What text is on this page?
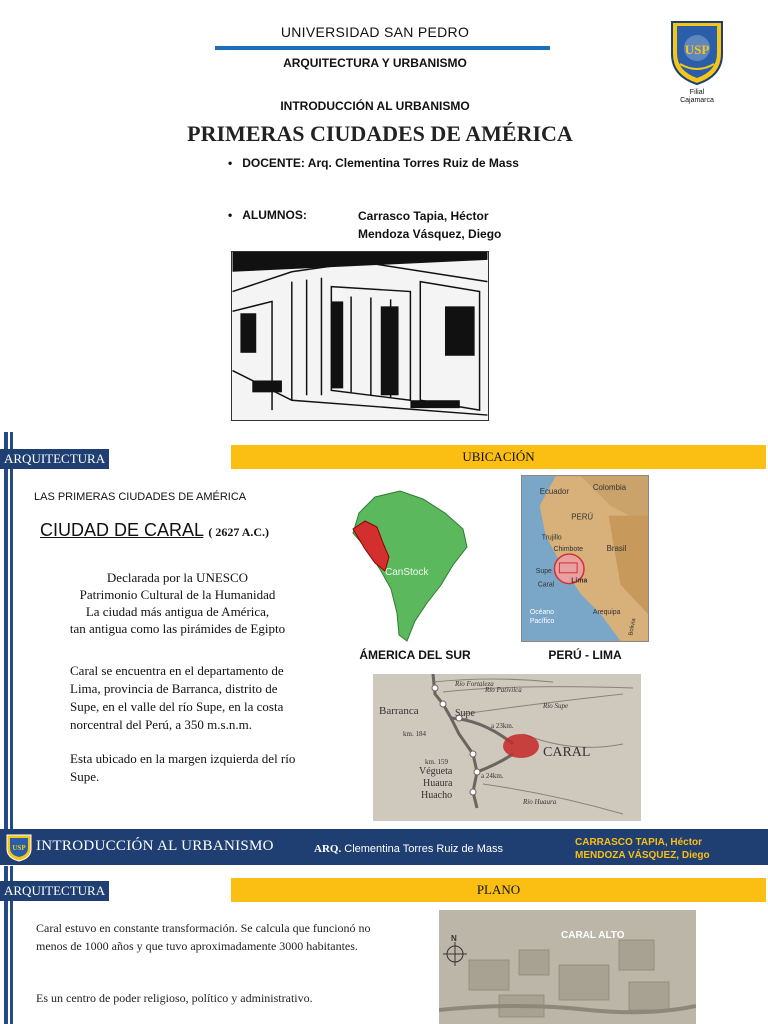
UNIVERSIDAD SAN PEDRO
ARQUITECTURA Y URBANISMO
INTRODUCCIÓN AL URBANISMO
PRIMERAS CIUDADES DE AMÉRICA
• DOCENTE: Arq. Clementina Torres Ruiz de Mass
• ALUMNOS:	Carrasco Tapia, Héctor
Mendoza Vásquez, Diego
USP
Filial
Cajamarca
ARQUITECTURA	UBICACIÓN
LAS PRIMERAS CIUDADES DE AMÉRICA
CIUDAD DE CARAL ( 2627 A.C.)
Declarada por la UNESCO
Patrimonio Cultural de la Humanidad
La ciudad más antigua de América,
tan antigua como las pirámides de Egipto
Caral se encuentra en el departamento de Lima, provincia de Barranca, distrito de Supe, en el valle del río Supe, en la costa norcentral del Perú, a 350 m.s.n.m.
Esta ubicado en la margen izquierda del río Supe.
CanStock
Ecuador	Colombia
PERÚ
Brasil
Trujillo
Chimbote
Supe
Caral
Lima
Océano
Pacífico
Arequipa
Bolivia
ÁMERICA DEL SUR	PERÚ - LIMA
Río Fortaleza
Río Pativilca
Río Supe
Barranca	Supe
km. 184
a 23km.
CARAL
km. 159
Végueta
Huaura
Huacho
a 24km.
Río Huaura
USP INTRODUCCIÓN AL URBANISMO	ARQ. Clementina Torres Ruiz de Mass
CARRASCO TAPIA, Héctor
MENDOZA VÁSQUEZ, Diego
ARQUITECTURA	PLANO
Caral estuvo en constante transformación. Se calcula que funcionó no menos de 1000 años y que tuvo aproximadamente 3000 habitantes.
Es un centro de poder religioso, político y administrativo.
N	CARAL ALTO
